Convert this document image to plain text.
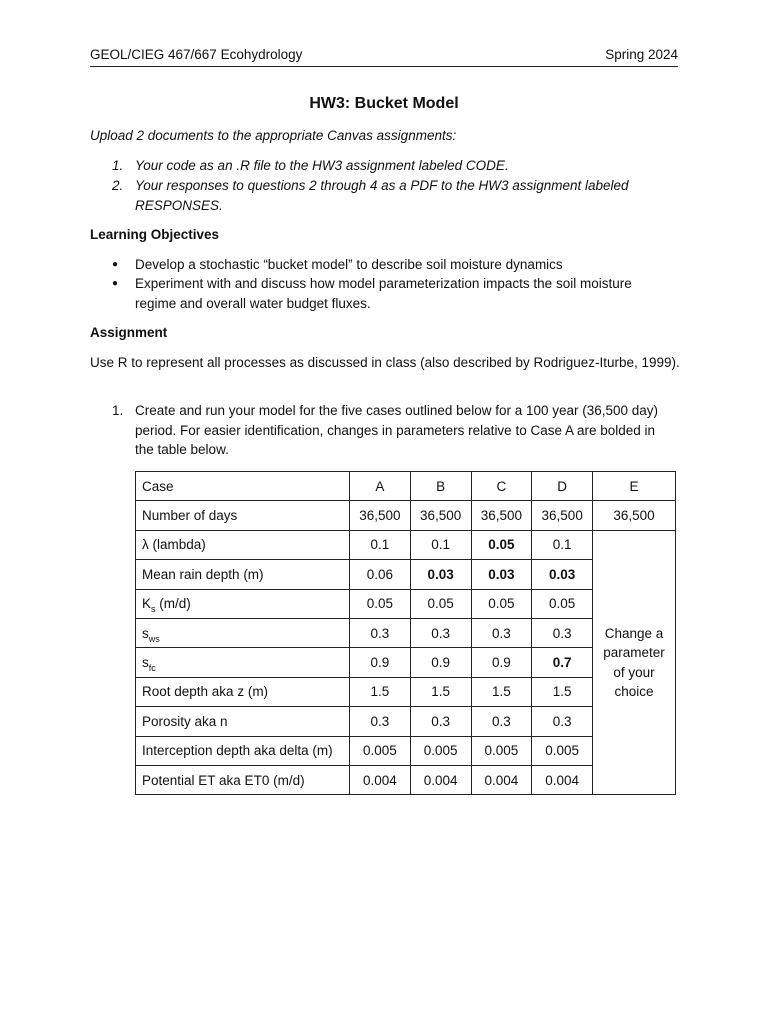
GEOL/CIEG 467/667 Ecohydrology	Spring 2024
HW3: Bucket Model
Upload 2 documents to the appropriate Canvas assignments:
1. Your code as an .R file to the HW3 assignment labeled CODE.
2. Your responses to questions 2 through 4 as a PDF to the HW3 assignment labeled RESPONSES.
Learning Objectives
● Develop a stochastic “bucket model” to describe soil moisture dynamics
● Experiment with and discuss how model parameterization impacts the soil moisture regime and overall water budget fluxes.
Assignment
Use R to represent all processes as discussed in class (also described by Rodriguez-Iturbe, 1999).
1. Create and run your model for the five cases outlined below for a 100 year (36,500 day) period. For easier identification, changes in parameters relative to Case A are bolded in the table below.
Case	A	B	C	D	E
Number of days	36,500	36,500	36,500	36,500	36,500
λ (lambda)	0.1	0.1	0.05	0.1	Change a
parameter
of your
choice

Mean rain depth (m)	0.06	0.03	0.03	0.03	
$K_s$ (m/d)	0.05	0.05	0.05	0.05	
$s_{ws}$	0.3	0.3	0.3	0.3	
$s_{fc}$	0.9	0.9	0.9	0.7	
Root depth aka z (m)	1.5	1.5	1.5	1.5	
Porosity aka n	0.3	0.3	0.3	0.3	
Interception depth aka delta (m)	0.005	0.005	0.005	0.005	
Potential ET aka ET0 (m/d)	0.004	0.004	0.004	0.004	
